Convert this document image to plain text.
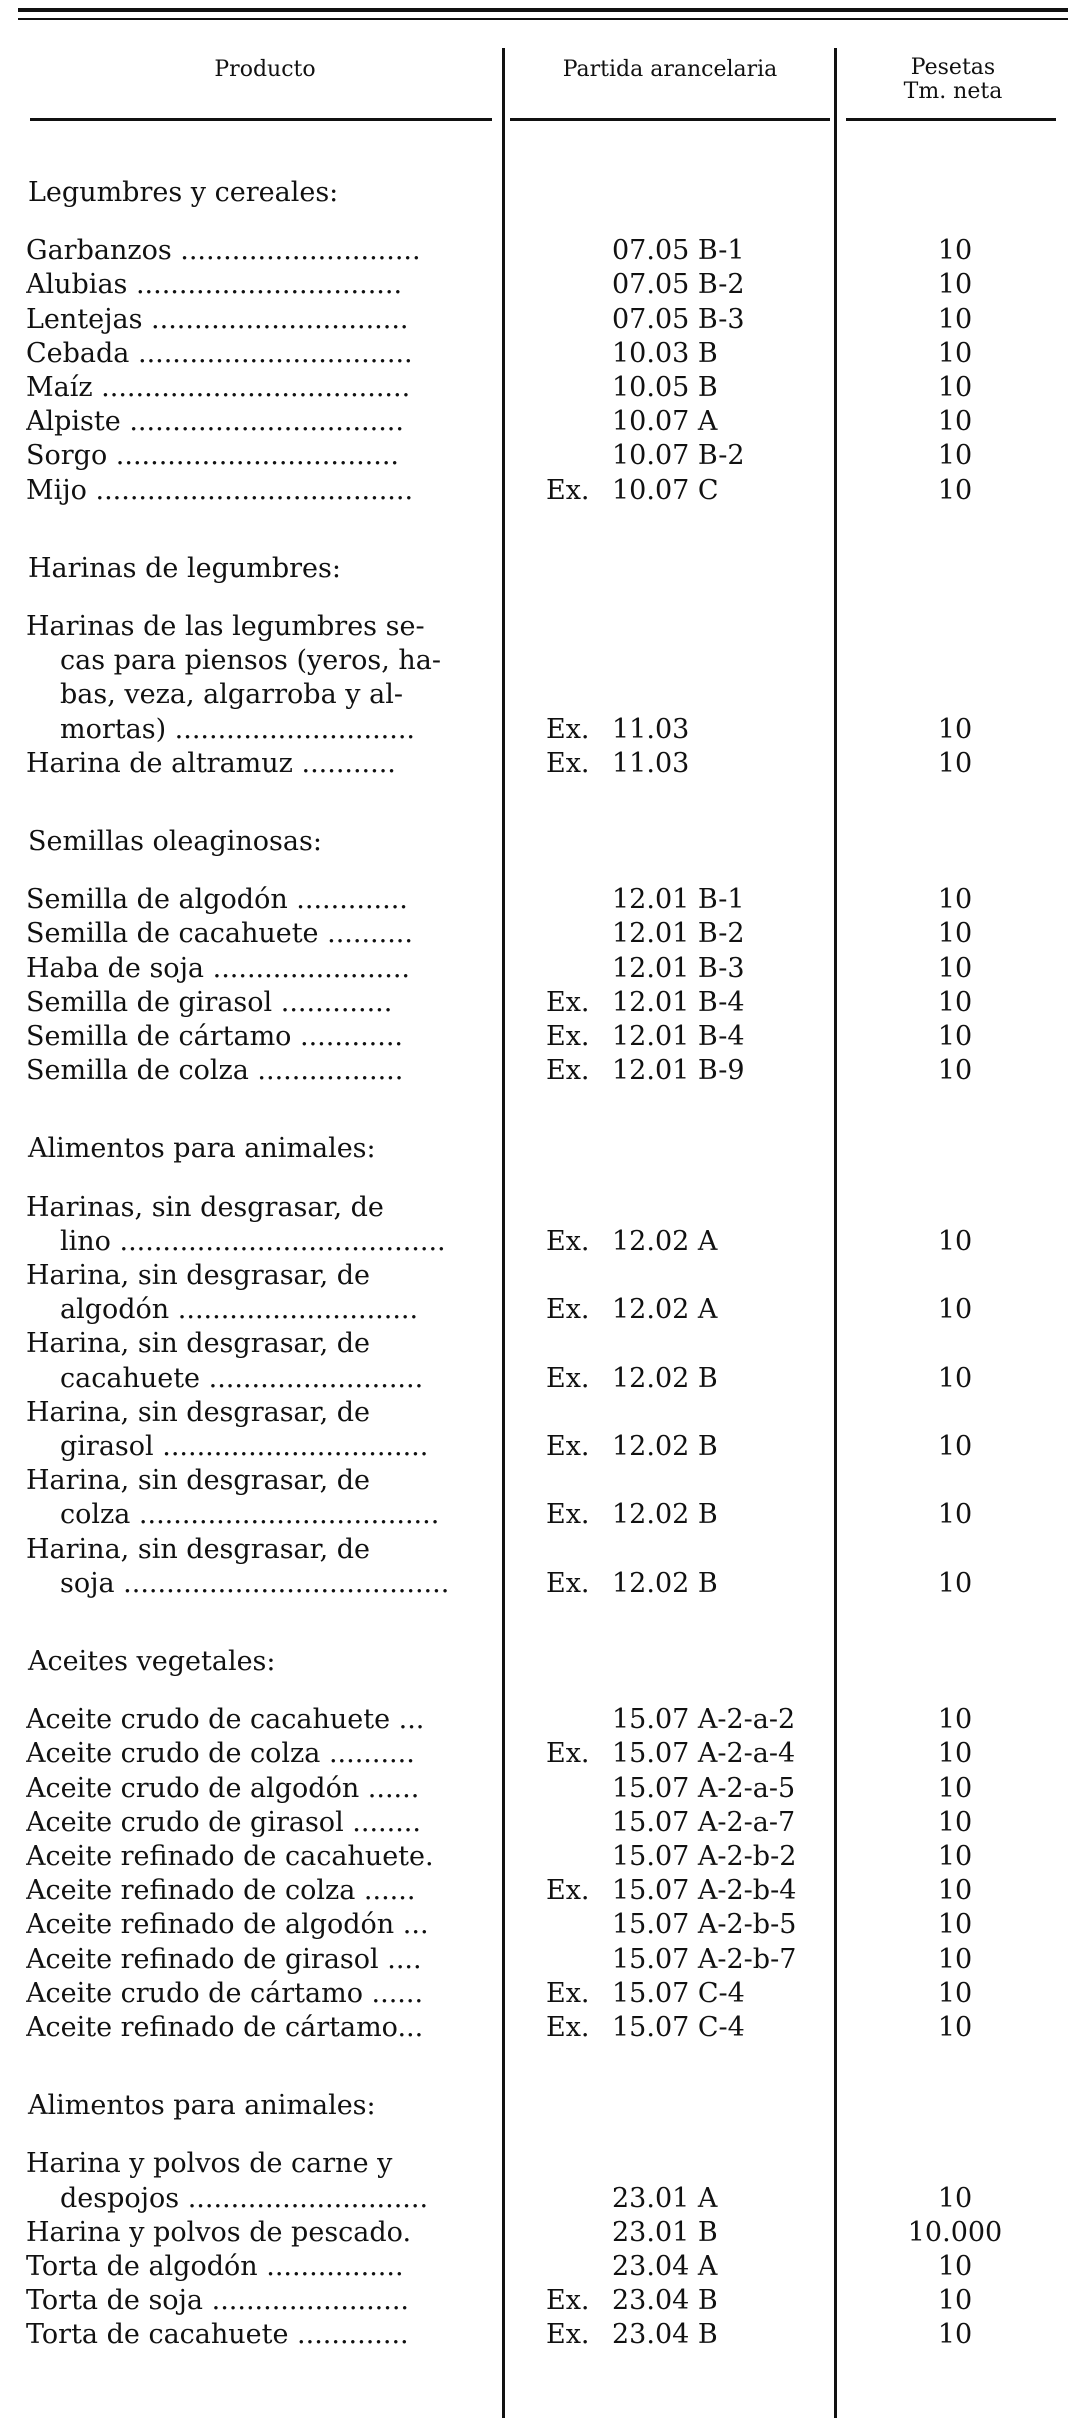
Producto	Partida arancelaria	Pesetas
Tm. neta
Legumbres y cereales:
Garbanzos ............................	07.05 B-1	10
Alubias ...............................	07.05 B-2	10
Lentejas ..............................	07.05 B-3	10
Cebada ................................	10.03 B	10
Maíz ....................................	10.05 B	10
Alpiste ................................	10.07 A	10
Sorgo .................................	10.07 B-2	10
Mijo .....................................	Ex. 10.07 C	10
Harinas de legumbres:
Harinas de las legumbres se-
cas para piensos (yeros, ha-
bas, veza, algarroba y al-
mortas) ............................	Ex. 11.03	10
Harina de altramuz ...........	Ex. 11.03	10
Semillas oleaginosas:
Semilla de algodón .............	12.01 B-1	10
Semilla de cacahuete ..........	12.01 B-2	10
Haba de soja .......................	12.01 B-3	10
Semilla de girasol .............	Ex. 12.01 B-4	10
Semilla de cártamo ............	Ex. 12.01 B-4	10
Semilla de colza .................	Ex. 12.01 B-9	10
Alimentos para animales:
Harinas, sin desgrasar, de
lino ......................................	Ex. 12.02 A	10
Harina, sin desgrasar, de
algodón ............................	Ex. 12.02 A	10
Harina, sin desgrasar, de
cacahuete .........................	Ex. 12.02 B	10
Harina, sin desgrasar, de
girasol ...............................	Ex. 12.02 B	10
Harina, sin desgrasar, de
colza ...................................	Ex. 12.02 B	10
Harina, sin desgrasar, de
soja ......................................	Ex. 12.02 B	10
Aceites vegetales:
Aceite crudo de cacahuete ...	15.07 A-2-a-2	10
Aceite crudo de colza ..........	Ex. 15.07 A-2-a-4	10
Aceite crudo de algodón ......	15.07 A-2-a-5	10
Aceite crudo de girasol ........	15.07 A-2-a-7	10
Aceite refinado de cacahuete.	15.07 A-2-b-2	10
Aceite refinado de colza ......	Ex. 15.07 A-2-b-4	10
Aceite refinado de algodón ...	15.07 A-2-b-5	10
Aceite refinado de girasol ....	15.07 A-2-b-7	10
Aceite crudo de cártamo ......	Ex. 15.07 C-4	10
Aceite refinado de cártamo...	Ex. 15.07 C-4	10
Alimentos para animales:
Harina y polvos de carne y
despojos ............................	23.01 A	10
Harina y polvos de pescado.	23.01 B	10.000
Torta de algodón ................	23.04 A	10
Torta de soja .......................	Ex. 23.04 B	10
Torta de cacahuete .............	Ex. 23.04 B	10
